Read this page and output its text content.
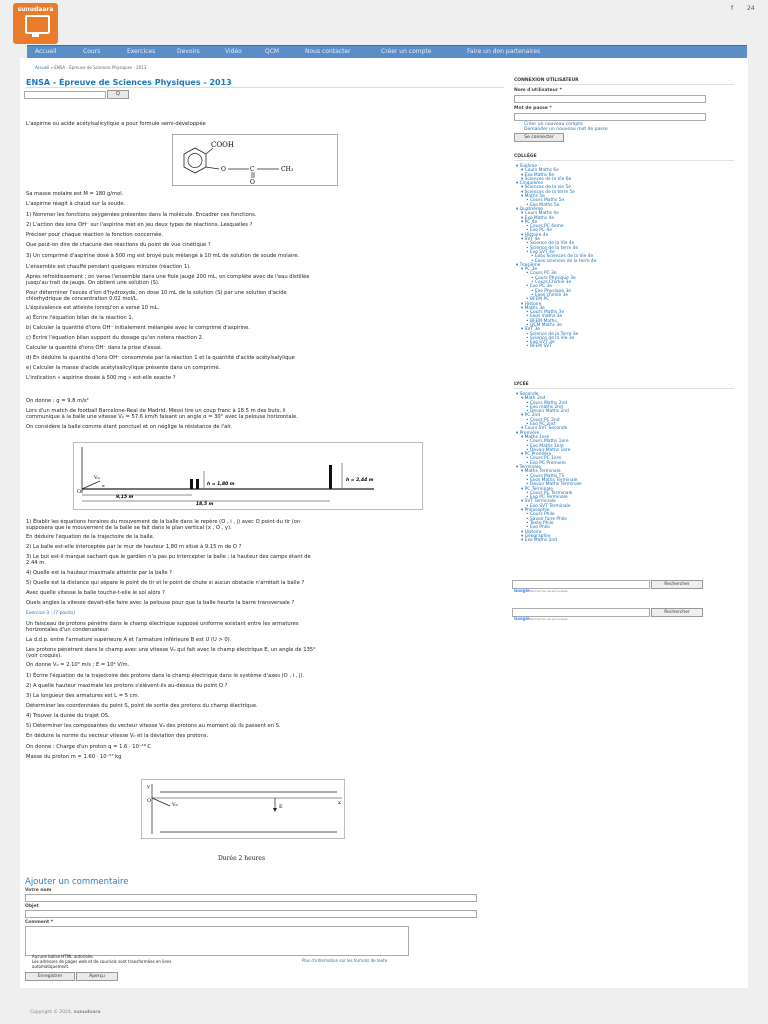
sunudaara	f 24
Accueil	Cours	Exercices	Devoirs	Vidéo	QCM	Nous contacter	Créer un compte	Faire un don partenaires
Accueil » ENSA - Épreuve de Sciences Physiques - 2013
ENSA - Épreuve de Sciences Physiques - 2013
Q
L'aspirine ou acide acétylsalicylique a pour formule semi-développée
COOH
O	C	CH₃
O
Sa masse molaire est M = 180 g/mol.
L'aspirine réagit à chaud sur la soude.
1) Nommer les fonctions oxygénées présentes dans la molécule. Encadrer ces fonctions.
2) L'action des ions OH⁻ sur l'aspirine met en jeu deux types de réactions. Lesquelles ?
Préciser pour chaque réaction la fonction concernée.
Que peut-on dire de chacune des réactions du point de vue cinétique ?
3) Un comprimé d'aspirine dosé à 500 mg est broyé puis mélangé à 10 mL de solution de soude molaire.
L'ensemble est chauffé pendant quelques minutes (réaction 1).
Après refroidissement ; on verse l'ensemble dans une fiole jaugé 200 mL, on complète avec de l'eau distillée
jusqu'au trait de jauge. On obtient une solution (S).
Pour déterminer l'excès d'ion d'hydroxyde, on dose 10 mL de la solution (S) par une solution d'acide
chlorhydrique de concentration 0.02 mol/L.
L'équivalence est atteinte lorsqu'on a versé 10 mL.
a) Écrire l'équation bilan de la réaction 1.
b) Calculer la quantité d'ions OH⁻ initialement mélangée avec le comprimé d'aspirine.
c) Écrire l'équation bilan support du dosage qu'on notera réaction 2.
Calculer la quantité d'ions OH⁻ dans la prise d'essai.
d) En déduire la quantité d'ions OH⁻ consommée par la réaction 1 et la quantité d'acide acétylsalylique
e) Calculer la masse d'acide acétylsalicylique présente dans un comprimé.
L'indication « aspirine dosée à 500 mg » est-elle exacte ?
On donne : g = 9.8 m/s²
Lors d'un match de football Barcelone-Real de Madrid, Messi tire un coup franc à 18.5 m des buts, il
communique à la balle une vitesse V₀ = 57.6 km/h faisant un angle α = 30° avec la pelouse horizontale.
On considère la balle comme étant ponctuel et on néglige la résistance de l'air.
O
V₀
α	h = 1,80 m
h = 2,44 m
9,15 m
18,5 m
1) Établir les équations horaires du mouvement de la balle dans le repère (O , i , j) avec O point du tir (on
supposera que le mouvement de la balle se fait dans le plan vertical (x , O , y).
En déduire l'équation de la trajectoire de la balle.
2) La balle est-elle interceptée par le mur de hauteur 1.80 m situé à 9.15 m de O ?
3) Le but est-il marqué sachant que le gardien n'a pas pu intercepter la balle ; la hauteur des camps étant de
2.44 m.
4) Quelle est la hauteur maximale atteinte par la balle ?
5) Quelle est la distance qui sépare le point de tir et le point de chute si aucun obstacle n'arrêtait la balle ?
Avec quelle vitesse la balle touche-t-elle le sol alors ?
Quels angles la vitesse devait-elle faire avec la pelouse pour que la balle heurte la barre transversale ?
Exercice 3 : (7 points)
Un faisceau de protons pénètre dans le champ électrique supposé uniforme existant entre les armatures
horizontales d'un condensateur.
La d.d.p. entre l'armature supérieure A et l'armature inférieure B est U (U > 0).
Les protons pénètrent dans le champ avec une vitesse V₀ qui fait avec le champ électrique E, un angle de 135°
(voir croquis).
On donne V₀ = 2.10⁵ m/s ; E = 10⁴ V/m.
1) Écrire l'équation de la trajectoire des protons dans le champ électrique dans le système d'axes (O , i , j).
2) A quelle hauteur maximale les protons s'élèvent-ils au-dessus du point O ?
3) La longueur des armatures est L = 5 cm.
Déterminer les coordonnées du point S, point de sortie des protons du champ électrique.
4) Trouver la durée du trajet OS.
5) Déterminer les composantes du vecteur vitesse V₀ des protons au moment où ils passent en S.
En déduire la norme du vecteur vitesse V₀ et la déviation des protons.
On donne : Charge d'un proton q = 1.6 · 10⁻¹⁹ C
Masse du proton m = 1.60 · 10⁻²⁷ kg
y
O
V₀	E
x
Durée 2 heures
Ajouter un commentaire
Votre nom
Objet
Comment *
Aucune balise HTML autorisée.
Les adresses de pages web et de courriels sont transformées en liens
automatiquement.
Plus d'information sur les formats de texte
Enregistrer	Aperçu
CONNEXION UTILISATEUR
Nom d'utilisateur *
Mot de passe *
Créer un nouveau compte
Demander un nouveau mot de passe
Se connecter
COLLÈGE
▾ Sixième
▾ Cours Maths 6e
▾ Exo Maths 6e
▾ Sciences de la Vie 6e
▾ Cinquième
▾ Sciences de la vie 5e
▾ Sciences de la terre 5e
▾ Maths 5e
• Cours Maths 5e
• Exo Maths 5e
▾ Quatrième
▾ Cours Maths 4e
▾ Exo Maths 4e
▾ PC 4e
• Cours PC 4eme
• Exo PC 4e
▾ Histoire 4e
▾ SVT 4e
• Science de la Vie 4e
• Science de la terre 4e
• Exo SVT 4e
• Exos Sciences de la Vie 4e
• Exos sciences de la terre 4e
▾ Troisième
▾ PC 3e
• Cours PC 3e
• Cours Physique 3e
• Cours Chimie 3e
• Exo PC 3e
• Exo Physique 3e
• Exos chimie 3e
• BFEM PC
▾ Histoire
▾ Maths 3e
• Cours Maths 3e
• Exos maths 3e
• BFEM Maths
• QCM Maths 3e
▾ SVT 3e
• Science de la Terre 3e
• Science de la Vie 3e
• Exo SVT 3e
• BFEM SVT
LYCÉE
▾ Seconde
▾ Math 2nd
• Cours Maths 2nd
• Exo maths 2nd
• Devoir Maths 2nd
▾ PC 2nd
• Cours PC 2nd
• Exo PC 2nd
▾ Cours SVT Seconde
▾ Première
▾ Maths 1ere
• Cours Maths 1ere
• Exo Maths 1ere
• Devoir Maths 1ere
▾ PC Première
• Cours PC 1ere
• Exo PC Premiere
▾ Terminale
▾ Maths Terminale
• Cours Maths TS
• Exos Maths Terminale
• Devoir Maths Terminale
▾ PC Terminale
• Cours PC Terminale
• Exo PC Terminale
▾ SVT Terminale
• Exo SVT Terminale
▾ Philosophie
• Cours Philo
• Savoir faire Philo
• Texte Philo
• Exo Philo
▾ Histoire
▾ Géographie
▾ Exo Maths 2nd
Google Recherche personnalisée
Rechercher
Google Recherche personnalisée
Rechercher
Copyright © 2024, sunudaara
